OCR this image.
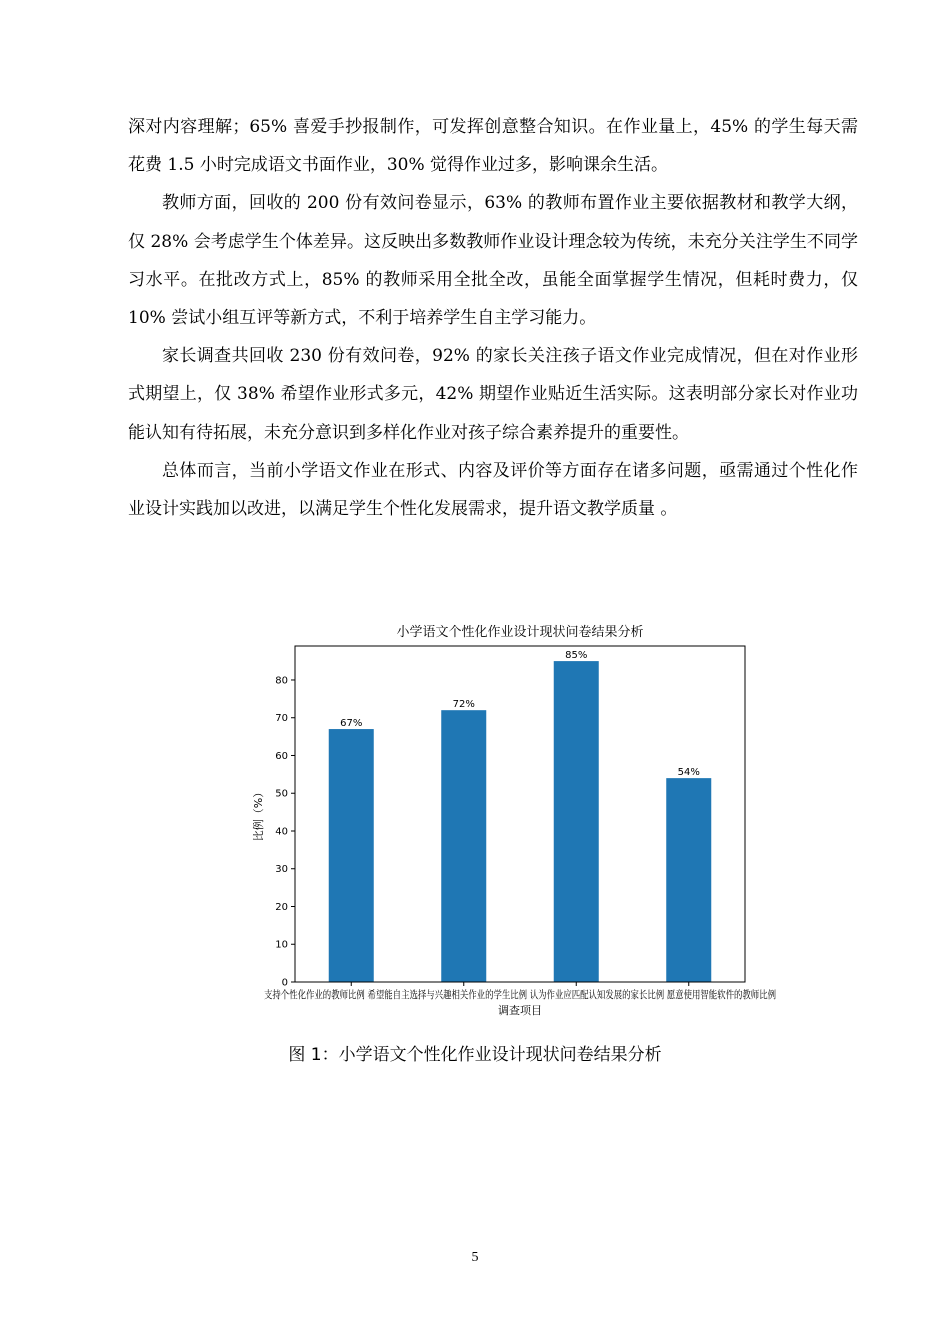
深对内容理解；65% 喜爱手抄报制作，可发挥创意整合知识。在作业量上，45% 的学生每天需花费 1.5 小时完成语文书面作业，30% 觉得作业过多，影响课余生活。

教师方面，回收的 200 份有效问卷显示，63% 的教师布置作业主要依据教材和教学大纲，仅 28% 会考虑学生个体差异。这反映出多数教师作业设计理念较为传统，未充分关注学生不同学习水平。在批改方式上，85% 的教师采用全批全改，虽能全面掌握学生情况，但耗时费力，仅 10% 尝试小组互评等新方式，不利于培养学生自主学习能力。

家长调查共回收 230 份有效问卷，92% 的家长关注孩子语文作业完成情况，但在对作业形式期望上，仅 38% 希望作业形式多元，42% 期望作业贴近生活实际。这表明部分家长对作业功能认知有待拓展，未充分意识到多样化作业对孩子综合素养提升的重要性。

总体而言，当前小学语文作业在形式、内容及评价等方面存在诸多问题，亟需通过个性化作业设计实践加以改进，以满足学生个性化发展需求，提升语文教学质量 。

小学语文个性化作业设计现状问卷结果分析
67%
72%
85%
54%
0
10
20
30
40
50
60
70
80
支持个性化作业的教师比例 希望能自主选择与兴趣相关作业的学生比例 认为作业应匹配认知发展的家长比例 愿意使用智能软件的教师比例
调查项目
比例（%）
图 1：小学语文个性化作业设计现状问卷结果分析
5
